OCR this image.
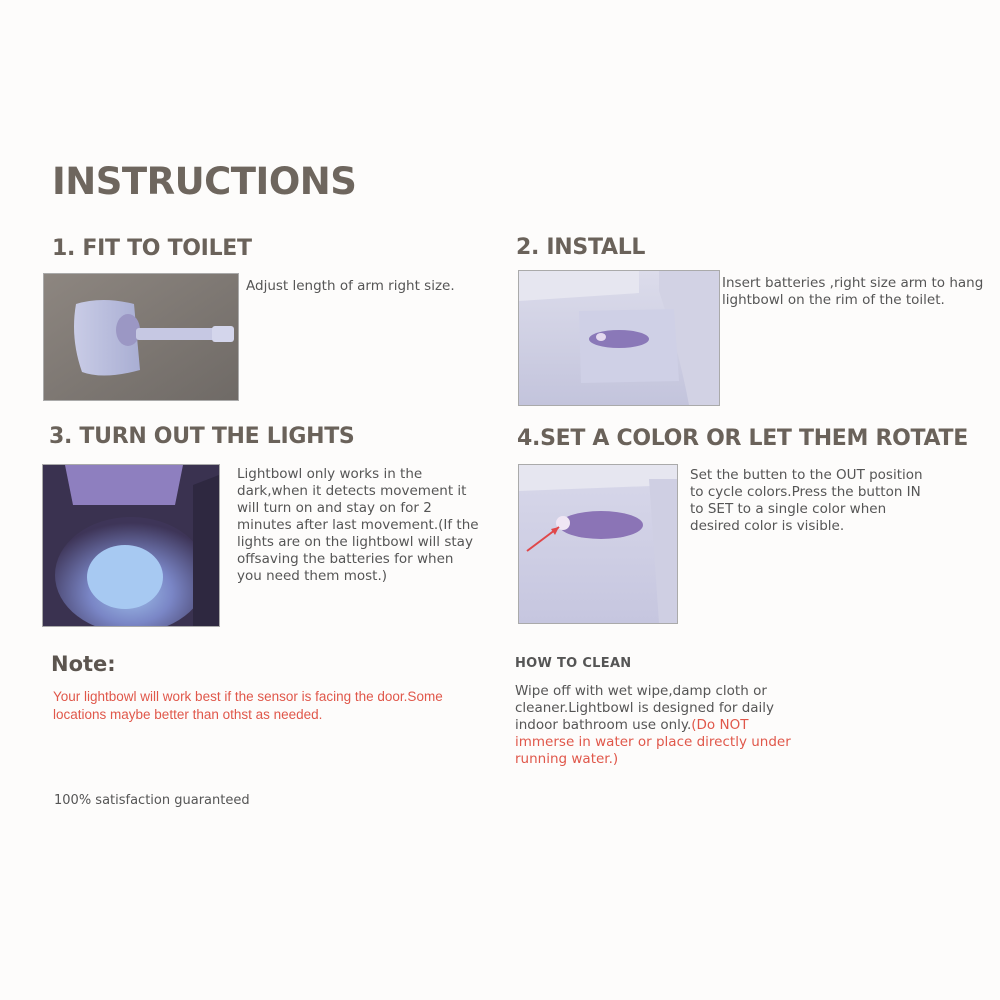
INSTRUCTIONS
1. FIT TO TOILET
Adjust length of arm right size.
2. INSTALL
Insert batteries ,right size arm to hang lightbowl on the rim of the toilet.
3. TURN OUT THE LIGHTS
Lightbowl only works in the dark,when it detects movement it will turn on and stay on for 2 minutes after last movement.(If the lights are on the lightbowl will stay offsaving the batteries for when you need them most.)
4.SET A COLOR OR LET THEM ROTATE
Set the butten to the OUT position to cycle colors.Press the button IN to SET to a single color when desired color is visible.
Note:
Your lightbowl will work best if the sensor is facing the door.Some locations maybe better than othst as needed.
HOW TO CLEAN
Wipe off with wet wipe,damp cloth or cleaner.Lightbowl is designed for daily indoor bathroom use only.(Do NOT immerse in water or place directly under running water.)
100% satisfaction guaranteed
